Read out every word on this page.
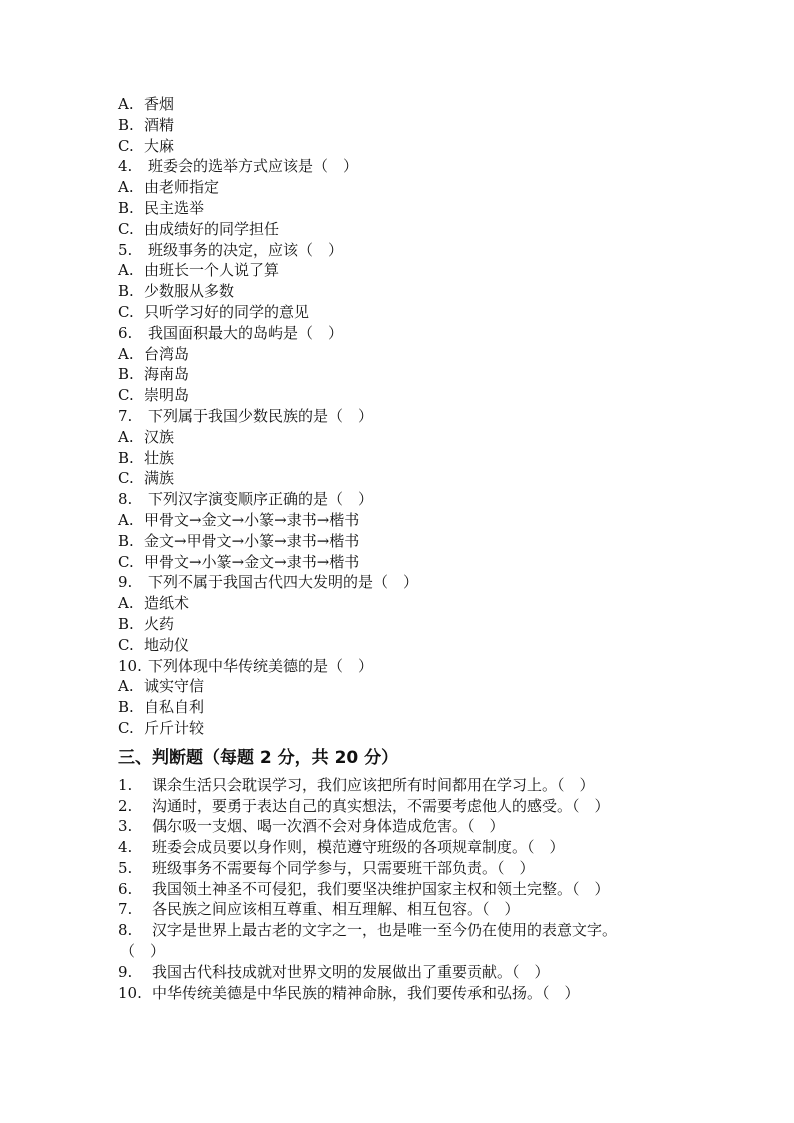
A. 香烟
B. 酒精
C. 大麻
4. 班委会的选举方式应该是（　）
A. 由老师指定
B. 民主选举
C. 由成绩好的同学担任
5. 班级事务的决定，应该（　）
A. 由班长一个人说了算
B. 少数服从多数
C. 只听学习好的同学的意见
6. 我国面积最大的岛屿是（　）
A. 台湾岛
B. 海南岛
C. 崇明岛
7. 下列属于我国少数民族的是（　）
A. 汉族
B. 壮族
C. 满族
8. 下列汉字演变顺序正确的是（　）
A. 甲骨文→金文→小篆→隶书→楷书
B. 金文→甲骨文→小篆→隶书→楷书
C. 甲骨文→小篆→金文→隶书→楷书
9. 下列不属于我国古代四大发明的是（　）
A. 造纸术
B. 火药
C. 地动仪
10. 下列体现中华传统美德的是（　）
A. 诚实守信
B. 自私自利
C. 斤斤计较
三、判断题（每题 2 分，共 20 分）
1. 课余生活只会耽误学习，我们应该把所有时间都用在学习上。（　）
2. 沟通时，要勇于表达自己的真实想法，不需要考虑他人的感受。（　）
3. 偶尔吸一支烟、喝一次酒不会对身体造成危害。（　）
4. 班委会成员要以身作则，模范遵守班级的各项规章制度。（　）
5. 班级事务不需要每个同学参与，只需要班干部负责。（　）
6. 我国领土神圣不可侵犯，我们要坚决维护国家主权和领土完整。（　）
7. 各民族之间应该相互尊重、相互理解、相互包容。（　）
8. 汉字是世界上最古老的文字之一，也是唯一至今仍在使用的表意文字。
（　）
9. 我国古代科技成就对世界文明的发展做出了重要贡献。（　）
10. 中华传统美德是中华民族的精神命脉，我们要传承和弘扬。（　）
